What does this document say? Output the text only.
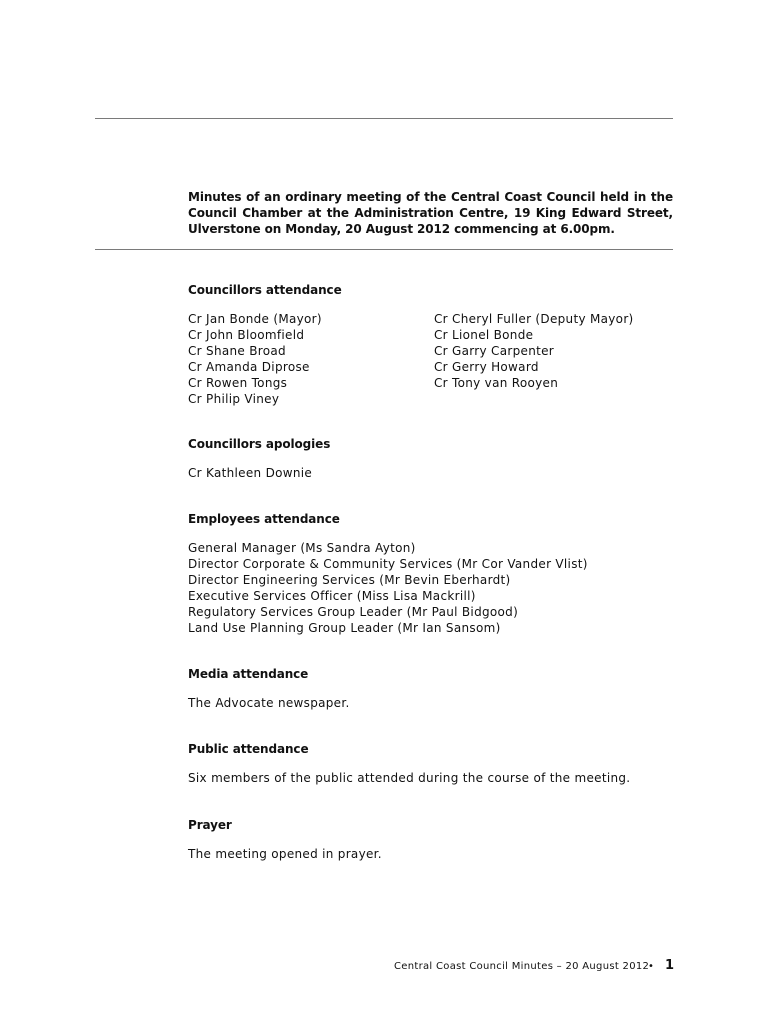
Minutes of an ordinary meeting of the Central Coast Council held in the Council Chamber at the Administration Centre, 19 King Edward Street, Ulverstone on Monday, 20 August 2012 commencing at 6.00pm.

Councillors attendance

Cr Jan Bonde (Mayor)
Cr John Bloomfield
Cr Shane Broad
Cr Amanda Diprose
Cr Rowen Tongs
Cr Philip Viney
Cr Cheryl Fuller (Deputy Mayor)
Cr Lionel Bonde
Cr Garry Carpenter
Cr Gerry Howard
Cr Tony van Rooyen

Councillors apologies

Cr Kathleen Downie

Employees attendance

General Manager (Ms Sandra Ayton)
Director Corporate & Community Services (Mr Cor Vander Vlist)
Director Engineering Services (Mr Bevin Eberhardt)
Executive Services Officer (Miss Lisa Mackrill)
Regulatory Services Group Leader (Mr Paul Bidgood)
Land Use Planning Group Leader (Mr Ian Sansom)

Media attendance

The Advocate newspaper.

Public attendance

Six members of the public attended during the course of the meeting.

Prayer

The meeting opened in prayer.

Central Coast Council Minutes – 20 August 2012
• 1
